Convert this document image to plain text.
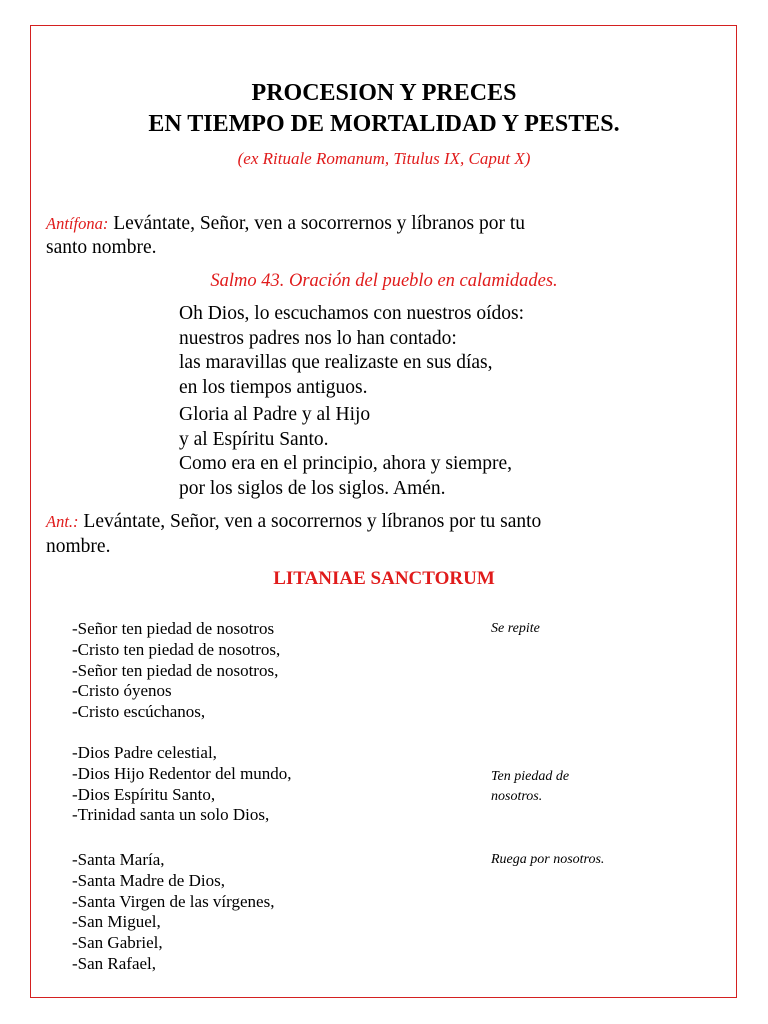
PROCESION Y PRECES
EN TIEMPO DE MORTALIDAD Y PESTES.
(ex Rituale Romanum, Titulus IX, Caput X)
Antífona: Levántate, Señor, ven a socorrernos y líbranos por tu
santo nombre.
Salmo 43. Oración del pueblo en calamidades.
Oh Dios, lo escuchamos con nuestros oídos:
nuestros padres nos lo han contado:
las maravillas que realizaste en sus días,
en los tiempos antiguos.
Gloria al Padre y al Hijo
y al Espíritu Santo.
Como era en el principio, ahora y siempre,
por los siglos de los siglos. Amén.
Ant.: Levántate, Señor, ven a socorrernos y líbranos por tu santo
nombre.
LITANIAE SANCTORUM
-Señor ten piedad de nosotros
-Cristo ten piedad de nosotros,
-Señor ten piedad de nosotros,
-Cristo óyenos
-Cristo escúchanos,
Se repite
-Dios Padre celestial,
-Dios Hijo Redentor del mundo,
-Dios Espíritu Santo,
-Trinidad santa un solo Dios,
Ten piedad de
nosotros.
-Santa María,
-Santa Madre de Dios,
-Santa Virgen de las vírgenes,
-San Miguel,
-San Gabriel,
-San Rafael,
Ruega por nosotros.
